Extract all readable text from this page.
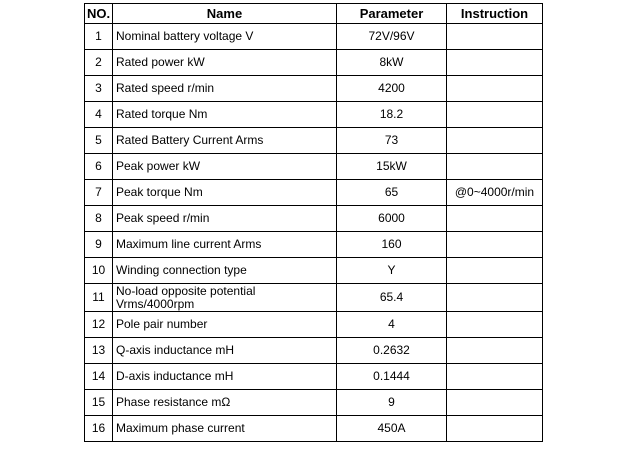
NO.	Name	Parameter	Instruction
1	Nominal battery voltage V	72V/96V	
2	Rated power kW	8kW	
3	Rated speed r/min	4200	
4	Rated torque Nm	18.2	
5	Rated Battery Current Arms	73	
6	Peak power kW	15kW	
7	Peak torque Nm	65	@0~4000r/min
8	Peak speed r/min	6000	
9	Maximum line current Arms	160	
10	Winding connection type	Y	
11	No-load opposite potential Vrms/4000rpm	65.4	
12	Pole pair number	4	
13	Q-axis inductance mH	0.2632	
14	D-axis inductance mH	0.1444	
15	Phase resistance mΩ	9	
16	Maximum phase current	450A	
